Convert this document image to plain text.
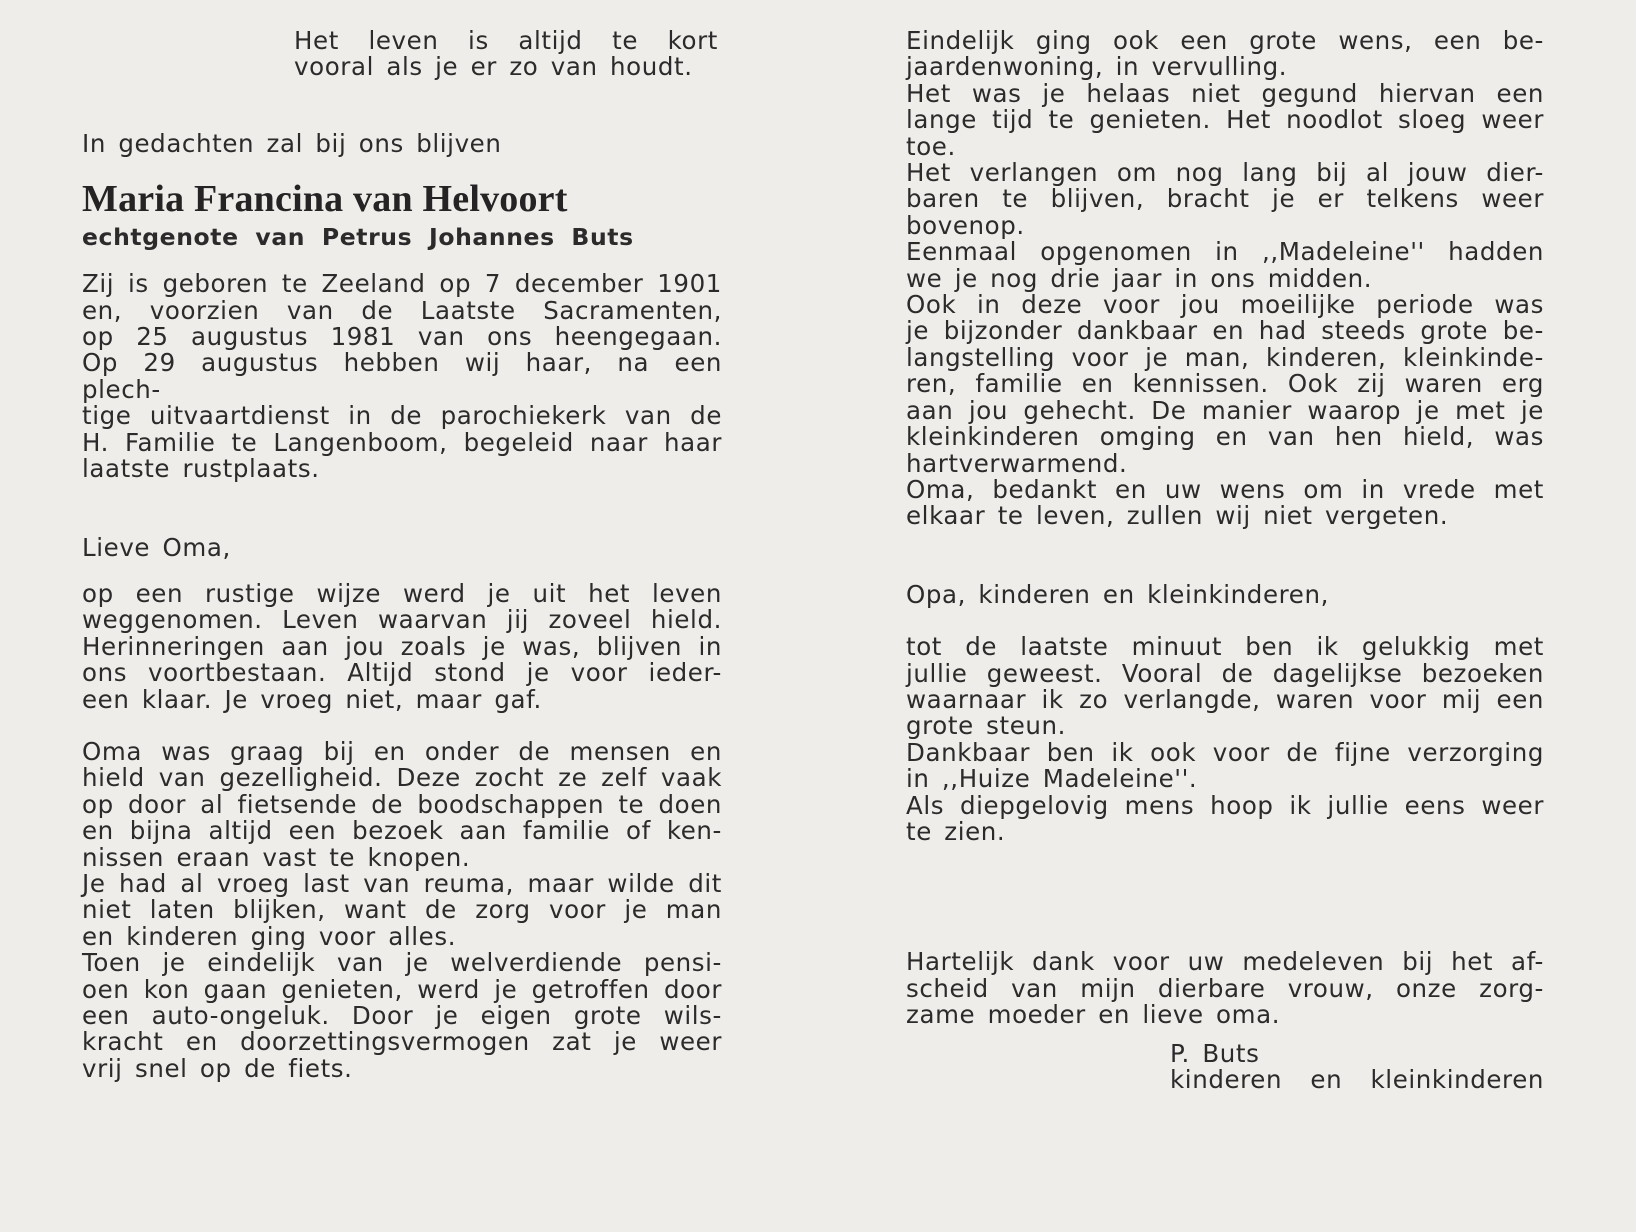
Het leven is altijd te kort

vooral als je er zo van houdt.

In gedachten zal bij ons blijven

Maria Francina van Helvoort

echtgenote van Petrus Johannes Buts

Zij is geboren te Zeeland op 7 december 1901

en, voorzien van de Laatste Sacramenten,

op 25 augustus 1981 van ons heengegaan.

Op 29 augustus hebben wij haar, na een plech-

tige uitvaartdienst in de parochiekerk van de

H. Familie te Langenboom, begeleid naar haar

laatste rustplaats.

Lieve Oma,

op een rustige wijze werd je uit het leven

weggenomen. Leven waarvan jij zoveel hield.

Herinneringen aan jou zoals je was, blijven in

ons voortbestaan. Altijd stond je voor ieder-

een klaar. Je vroeg niet, maar gaf.

Oma was graag bij en onder de mensen en

hield van gezelligheid. Deze zocht ze zelf vaak

op door al fietsende de boodschappen te doen

en bijna altijd een bezoek aan familie of ken-

nissen eraan vast te knopen.

Je had al vroeg last van reuma, maar wilde dit

niet laten blijken, want de zorg voor je man

en kinderen ging voor alles.

Toen je eindelijk van je welverdiende pensi-

oen kon gaan genieten, werd je getroffen door

een auto-ongeluk. Door je eigen grote wils-

kracht en doorzettingsvermogen zat je weer

vrij snel op de fiets.

Eindelijk ging ook een grote wens, een be-

jaardenwoning, in vervulling.

Het was je helaas niet gegund hiervan een

lange tijd te genieten. Het noodlot sloeg weer

toe.

Het verlangen om nog lang bij al jouw dier-

baren te blijven, bracht je er telkens weer

bovenop.

Eenmaal opgenomen in ,,Madeleine'' hadden

we je nog drie jaar in ons midden.

Ook in deze voor jou moeilijke periode was

je bijzonder dankbaar en had steeds grote be-

langstelling voor je man, kinderen, kleinkinde-

ren, familie en kennissen. Ook zij waren erg

aan jou gehecht. De manier waarop je met je

kleinkinderen omging en van hen hield, was

hartverwarmend.

Oma, bedankt en uw wens om in vrede met

elkaar te leven, zullen wij niet vergeten.

Opa, kinderen en kleinkinderen,

tot de laatste minuut ben ik gelukkig met

jullie geweest. Vooral de dagelijkse bezoeken

waarnaar ik zo verlangde, waren voor mij een

grote steun.

Dankbaar ben ik ook voor de fijne verzorging

in ,,Huize Madeleine''.

Als diepgelovig mens hoop ik jullie eens weer

te zien.

Hartelijk dank voor uw medeleven bij het af-

scheid van mijn dierbare vrouw, onze zorg-

zame moeder en lieve oma.

P. Buts

kinderen en kleinkinderen
